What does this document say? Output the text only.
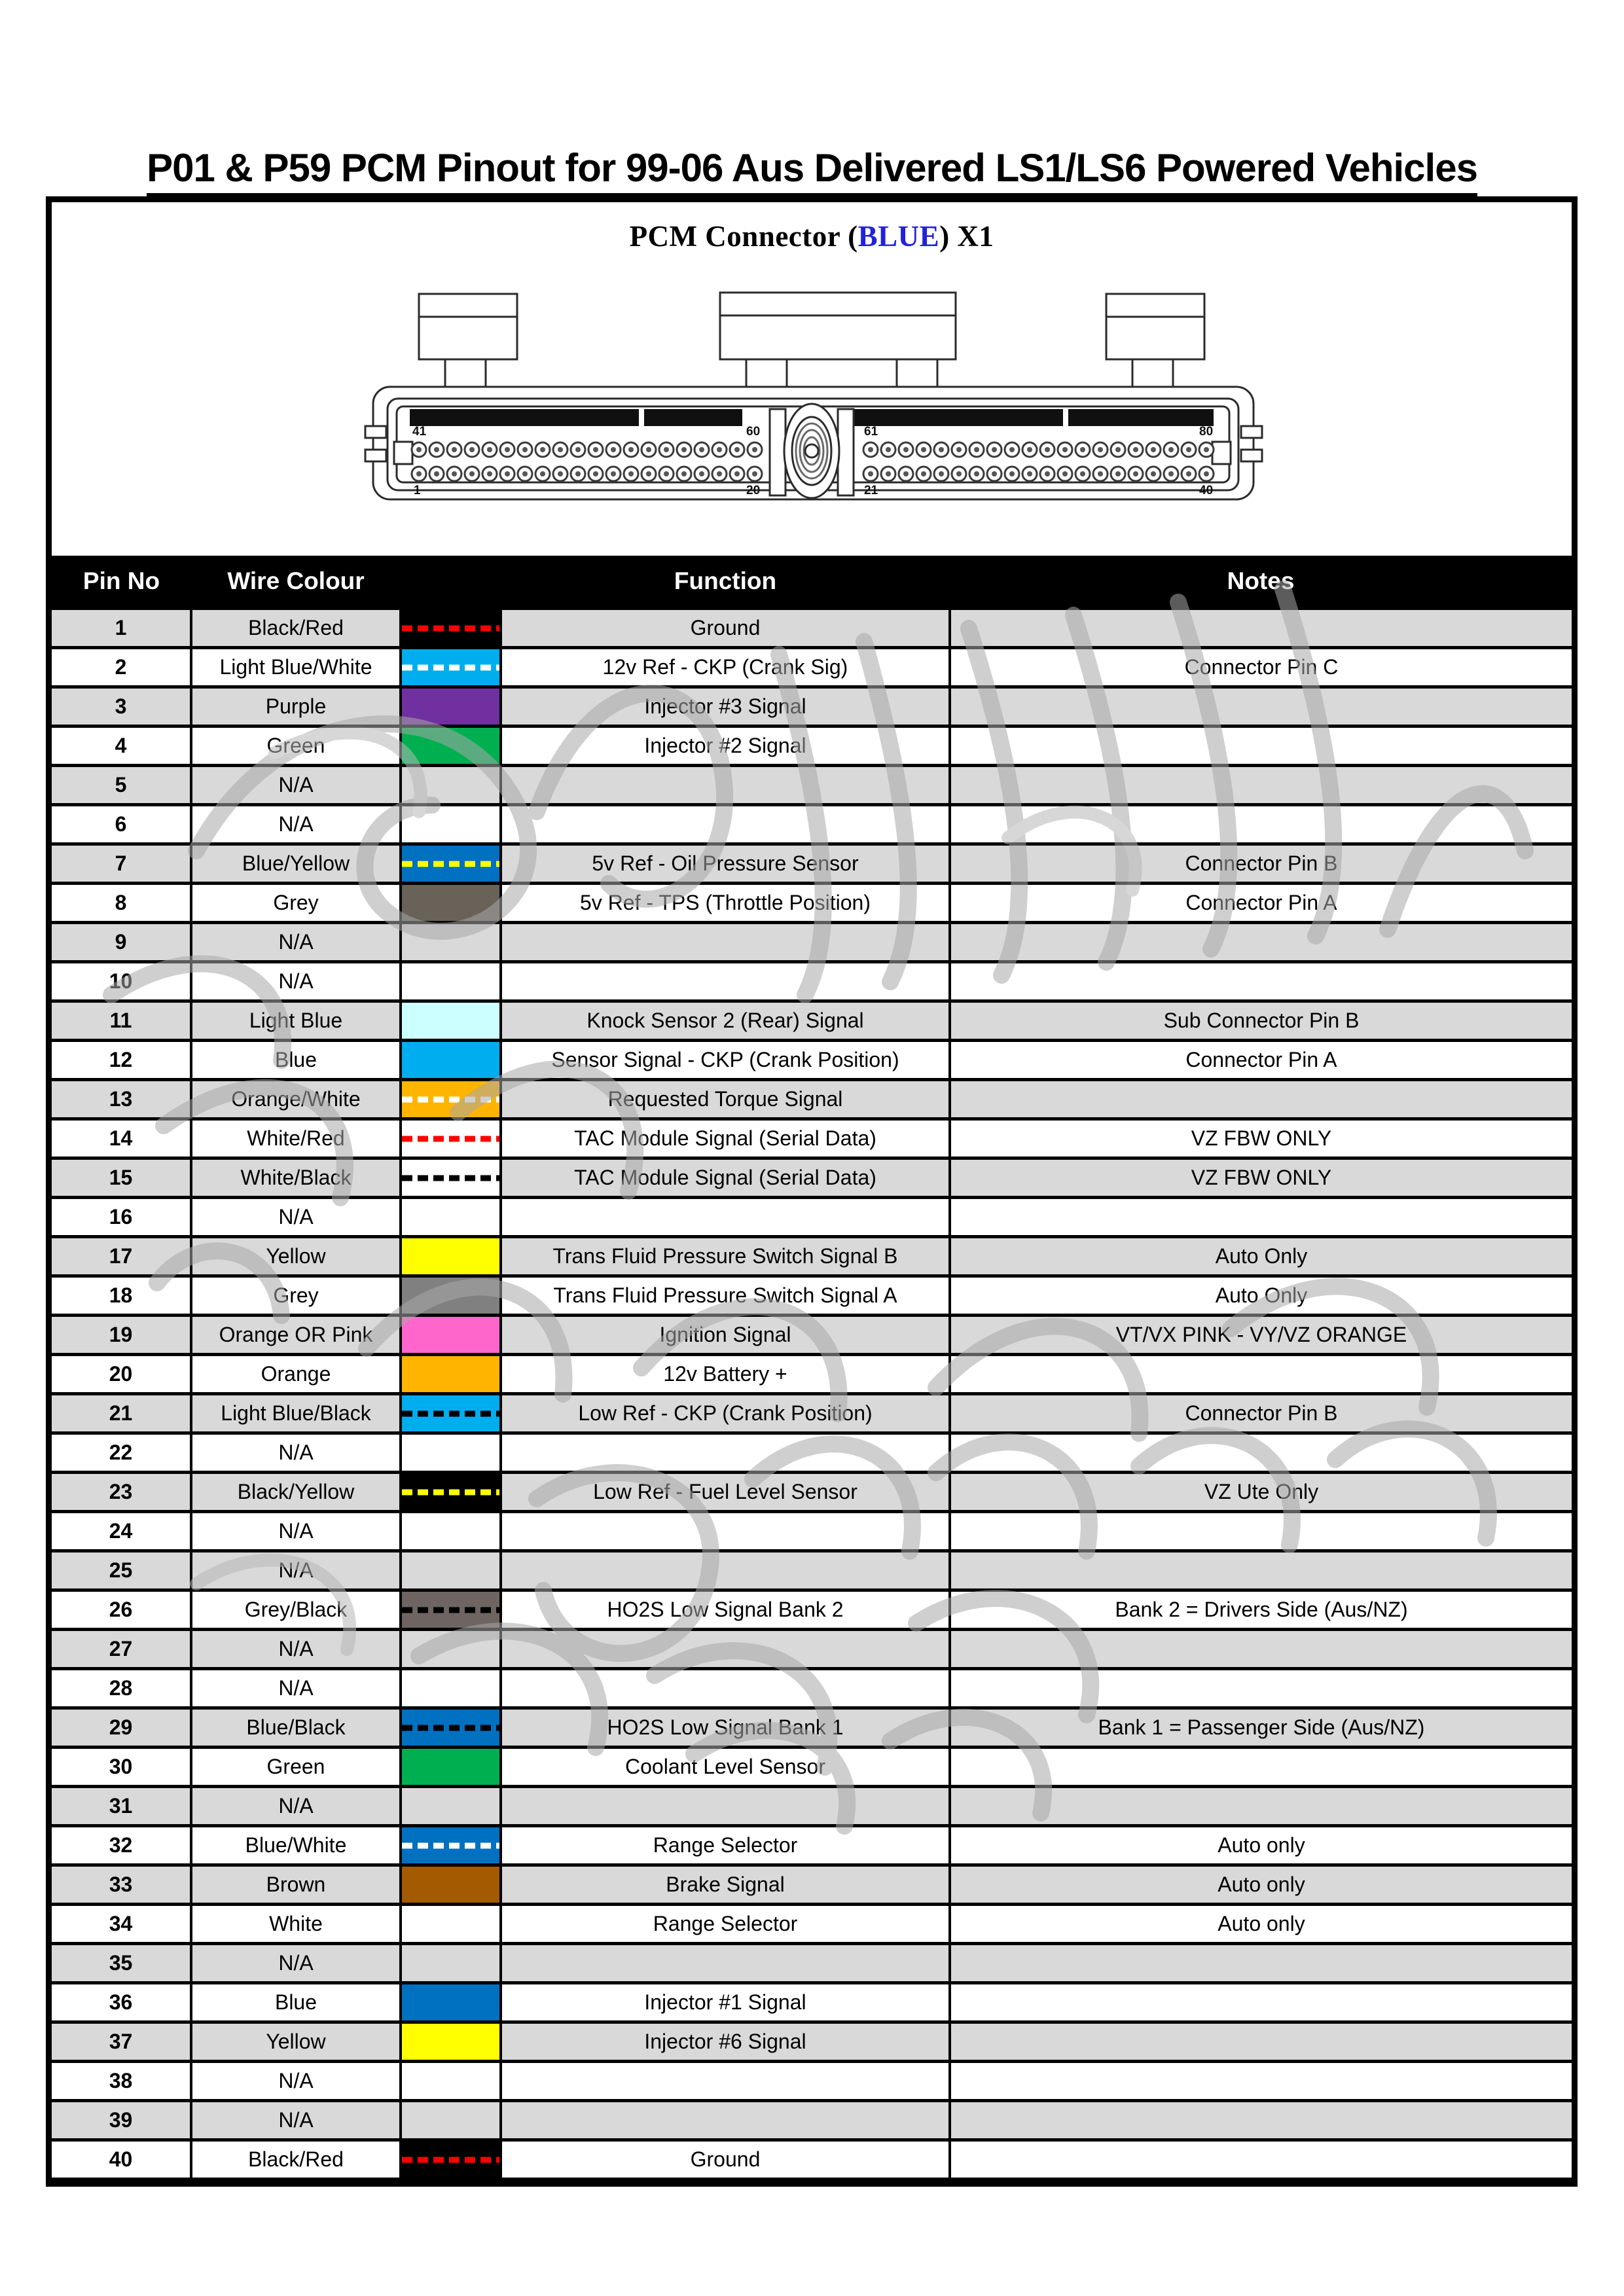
P01 & P59 PCM Pinout for 99-06 Aus Delivered LS1/LS6 Powered Vehicles
PCM Connector (BLUE) X1
41	60	61	80
1	20	21	40
Pin No	Wire Colour		Function	Notes
1	Black/Red		Ground	
2	Light Blue/White		12v Ref - CKP (Crank Sig)	Connector Pin C
3	Purple		Injector #3 Signal	
4	Green		Injector #2 Signal	
5	N/A	

6	N/A	

7	Blue/Yellow		5v Ref - Oil Pressure Sensor	Connector Pin B
8	Grey		5v Ref - TPS (Throttle Position)	Connector Pin A
9	N/A	

10	N/A	

11	Light Blue		Knock Sensor 2 (Rear) Signal	Sub Connector Pin B
12	Blue		Sensor Signal - CKP (Crank Position)	Connector Pin A
13	Orange/White		Requested Torque Signal	
14	White/Red		TAC Module Signal (Serial Data)	VZ FBW ONLY
15	White/Black		TAC Module Signal (Serial Data)	VZ FBW ONLY
16	N/A	

17	Yellow		Trans Fluid Pressure Switch Signal B	Auto Only
18	Grey		Trans Fluid Pressure Switch Signal A	Auto Only
19	Orange OR Pink		Ignition Signal	VT/VX PINK - VY/VZ ORANGE
20	Orange		12v Battery +	
21	Light Blue/Black		Low Ref - CKP (Crank Position)	Connector Pin B
22	N/A	

23	Black/Yellow		Low Ref - Fuel Level Sensor	VZ Ute Only
24	N/A	

25	N/A	

26	Grey/Black		HO2S Low Signal Bank 2	Bank 2 = Drivers Side (Aus/NZ)
27	N/A	

28	N/A	

29	Blue/Black		HO2S Low Signal Bank 1	Bank 1 = Passenger Side (Aus/NZ)
30	Green		Coolant Level Sensor	
31	N/A	

32	Blue/White		Range Selector	Auto only
33	Brown		Brake Signal	Auto only
34	White		Range Selector	Auto only
35	N/A	

36	Blue		Injector #1 Signal	
37	Yellow		Injector #6 Signal	
38	N/A	

39	N/A	

40	Black/Red		Ground	
